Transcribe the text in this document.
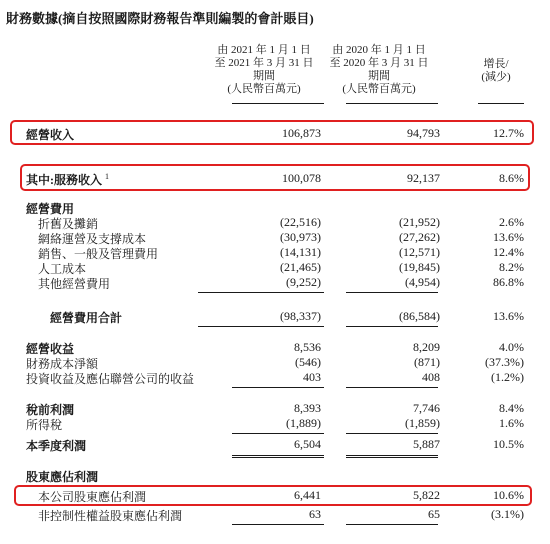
財務數據(摘自按照國際財務報告準則編製的會計賬目)
由 2021 年 1 月 1 日
至 2021 年 3 月 31 日
期間
(人民幣百萬元)
由 2020 年 1 月 1 日
至 2020 年 3 月 31 日
期間
(人民幣百萬元)
增長/
(減少)
經營收入	106,873	94,793	12.7%
其中:服務收入 $^1$	100,078	92,137	8.6%
經營費用
折舊及攤銷	(22,516)	(21,952)	2.6%
網絡運營及支撐成本	(30,973)	(27,262)	13.6%
銷售、一般及管理費用	(14,131)	(12,571)	12.4%
人工成本	(21,465)	(19,845)	8.2%
其他經營費用	(9,252)	(4,954)	86.8%
經營費用合計	(98,337)	(86,584)	13.6%
經營收益	8,536	8,209	4.0%
財務成本淨額	(546)	(871)	(37.3%)
投資收益及應佔聯營公司的收益	403	408	(1.2%)
稅前利潤	8,393	7,746	8.4%
所得稅	(1,889)	(1,859)	1.6%
本季度利潤	6,504	5,887	10.5%
股東應佔利潤
本公司股東應佔利潤	6,441	5,822	10.6%
非控制性權益股東應佔利潤	63	65	(3.1%)
